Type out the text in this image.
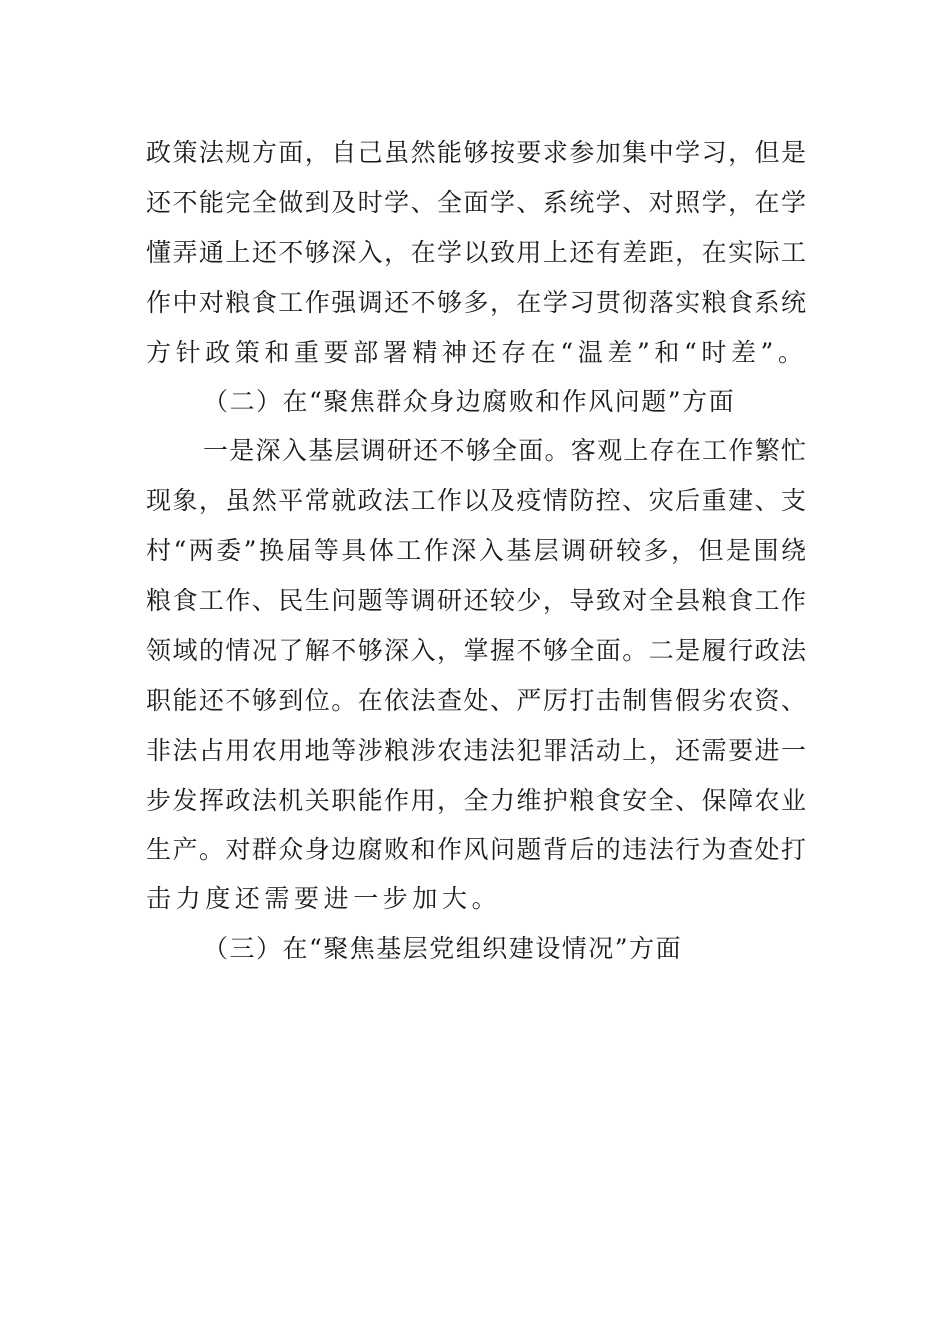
政策法规方面，自己虽然能够按要求参加集中学习，但是
还不能完全做到及时学、全面学、系统学、对照学，在学
懂弄通上还不够深入，在学以致用上还有差距，在实际工
作中对粮食工作强调还不够多，在学习贯彻落实粮食系统
方针政策和重要部署精神还存在“温差”和“时差”。
（二）在“聚焦群众身边腐败和作风问题”方面
一是深入基层调研还不够全面。客观上存在工作繁忙
现象，虽然平常就政法工作以及疫情防控、灾后重建、支
村“两委”换届等具体工作深入基层调研较多，但是围绕
粮食工作、民生问题等调研还较少，导致对全县粮食工作
领域的情况了解不够深入，掌握不够全面。二是履行政法
职能还不够到位。在依法查处、严厉打击制售假劣农资、
非法占用农用地等涉粮涉农违法犯罪活动上，还需要进一
步发挥政法机关职能作用，全力维护粮食安全、保障农业
生产。对群众身边腐败和作风问题背后的违法行为查处打
击力度还需要进一步加大。
（三）在“聚焦基层党组织建设情况”方面
